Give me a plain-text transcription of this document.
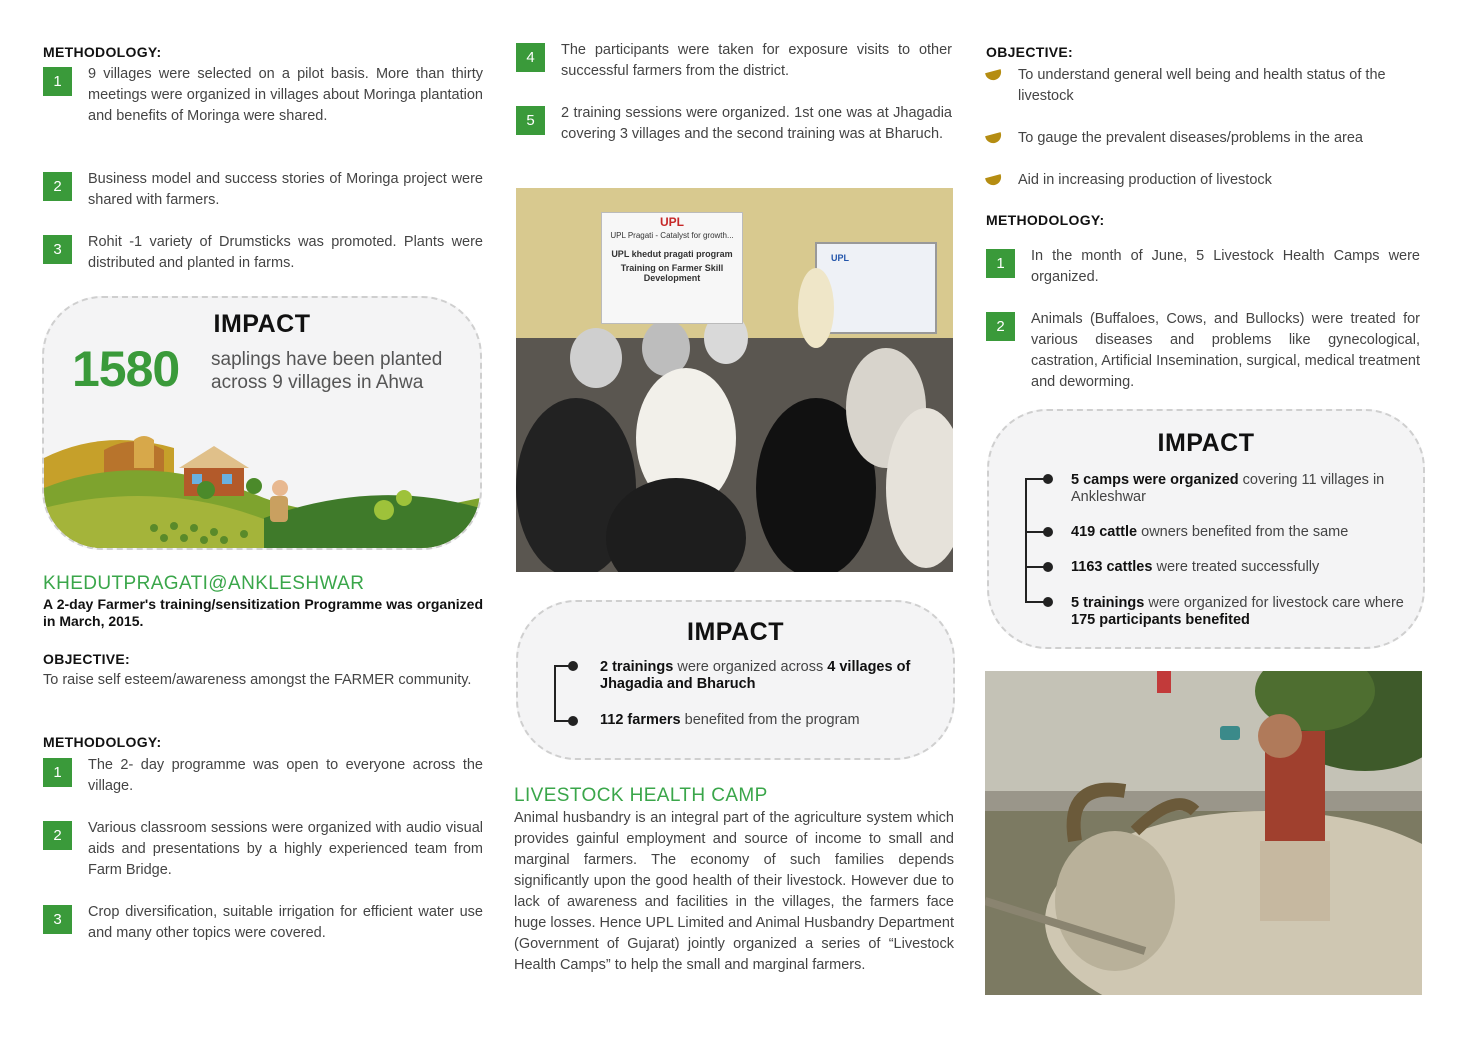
METHODOLOGY:
1	9 villages were selected on a pilot basis. More than thirty meetings were organized in villages about Moringa plantation and benefits of Moringa were shared.
2	Business model and success stories of Moringa project were shared with farmers.
3	Rohit -1 variety of Drumsticks was promoted. Plants were distributed and planted in farms.
IMPACT
1580 saplings have been planted
across 9 villages in Ahwa
KHEDUTPRAGATI@ANKLESHWAR
A 2-day Farmer's training/sensitization Programme was organized in March, 2015.
OBJECTIVE:
To raise self esteem/awareness amongst the FARMER community.
METHODOLOGY:
1	The 2- day programme was open to everyone across the village.
2	Various classroom sessions were organized with audio visual aids and presentations by a highly experienced team from Farm Bridge.
3	Crop diversification, suitable irrigation for efficient water use and many other topics were covered.
4	The participants were taken for exposure visits to other successful farmers from the district.
5	2 training sessions were organized. 1st one was at Jhagadia covering 3 villages and the second training was at Bharuch.
UPL
UPL Pragati - Catalyst for growth...
UPL khedut pragati program
Training on Farmer Skill Development
UPL
IMPACT
2 trainings were organized across 4 villages of Jhagadia and Bharuch
112 farmers benefited from the program
LIVESTOCK HEALTH CAMP
Animal husbandry is an integral part of the agriculture system which provides gainful employment and source of income to small and marginal farmers. The economy of such families depends significantly upon the good health of their livestock. However due to lack of awareness and facilities in the villages, the farmers face huge losses. Hence UPL Limited and Animal Husbandry Department (Government of Gujarat) jointly organized a series of “Livestock Health Camps” to help the small and marginal farmers.
OBJECTIVE:
To understand general well being and health status of the livestock
To gauge the prevalent diseases/problems in the area
Aid in increasing production of livestock
METHODOLOGY:
1	In the month of June, 5 Livestock Health Camps were organized.
2	Animals (Buffaloes, Cows, and Bullocks) were treated for various diseases and problems like gynecological, castration, Artificial Insemination, surgical, medical treatment and deworming.
IMPACT
5 camps were organized covering 11 villages in Ankleshwar
419 cattle owners benefited from the same
1163 cattles were treated successfully
5 trainings were organized for livestock care where 175 participants benefited
